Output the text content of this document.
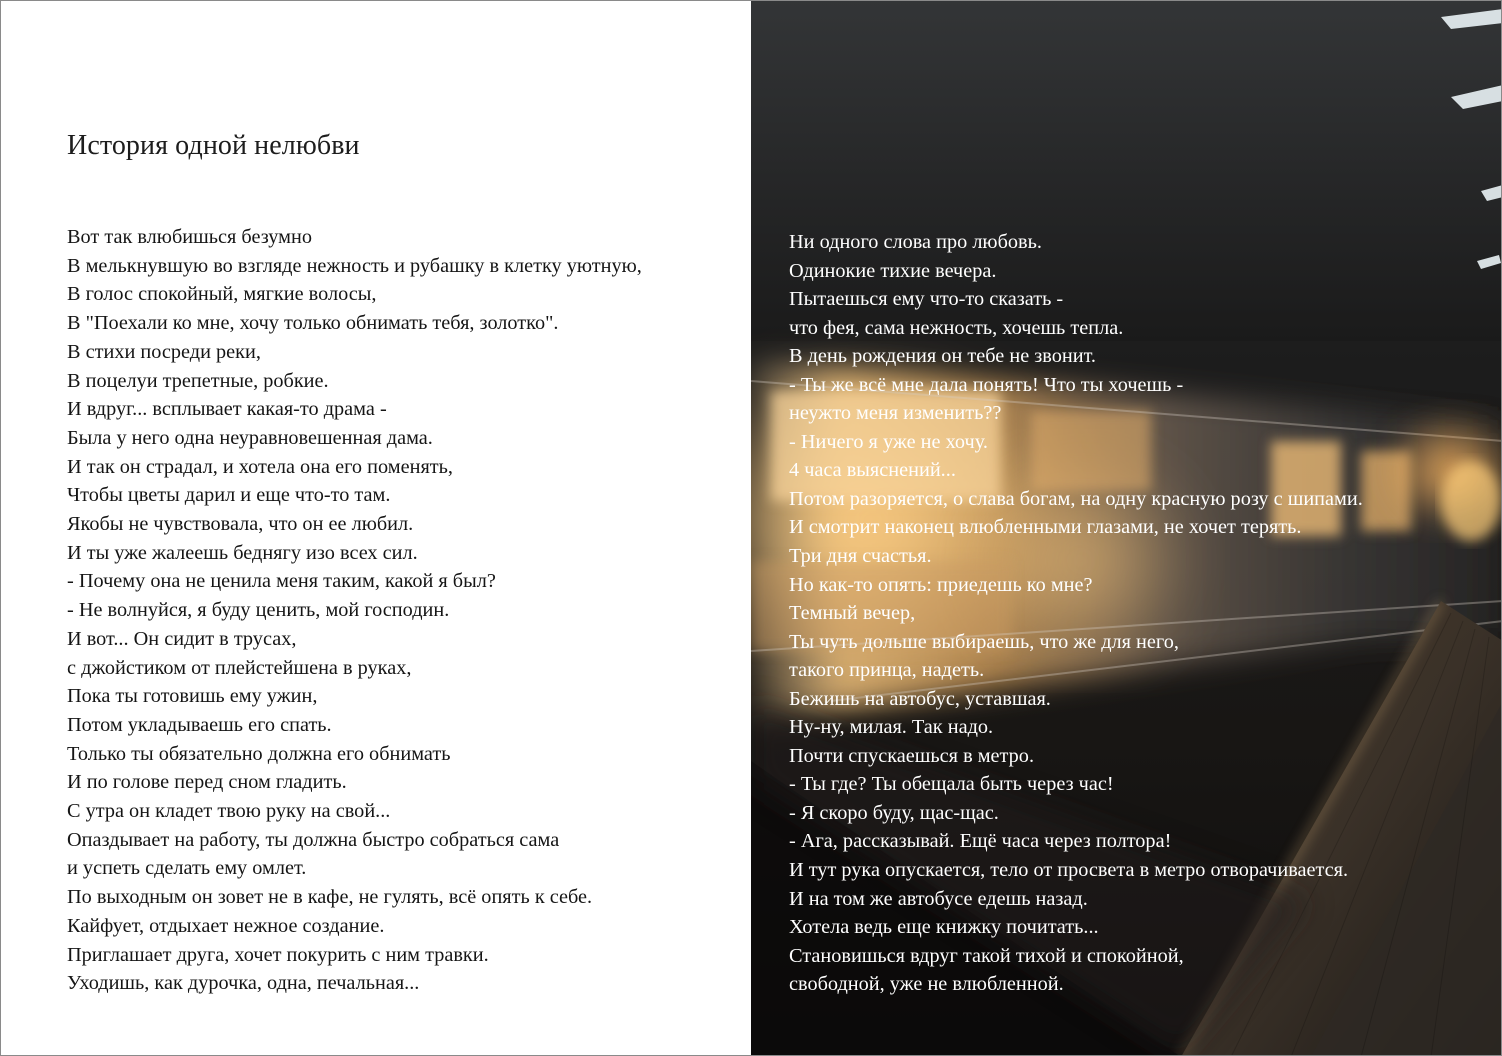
История одной нелюбви
Вот так влюбишься безумно
В мелькнувшую во взгляде нежность и рубашку в клетку уютную,
В голос спокойный, мягкие волосы,
В "Поехали ко мне, хочу только обнимать тебя, золотко".
В стихи посреди реки,
В поцелуи трепетные, робкие.
И вдруг... всплывает какая-то драма -
Была у него одна неуравновешенная дама.
И так он страдал, и хотела она его поменять,
Чтобы цветы дарил и еще что-то там.
Якобы не чувствовала, что он ее любил.
И ты уже жалеешь беднягу изо всех сил.
- Почему она не ценила меня таким, какой я был?
- Не волнуйся, я буду ценить, мой господин.
И вот... Он сидит в трусах,
с джойстиком от плейстейшена в руках,
Пока ты готовишь ему ужин,
Потом укладываешь его спать.
Только ты обязательно должна его обнимать
И по голове перед сном гладить.
С утра он кладет твою руку на свой...
Опаздывает на работу, ты должна быстро собраться сама
и успеть сделать ему омлет.
По выходным он зовет не в кафе, не гулять, всё опять к себе.
Кайфует, отдыхает нежное создание.
Приглашает друга, хочет покурить с ним травки.
Уходишь, как дурочка, одна, печальная...
Ни одного слова про любовь.
Одинокие тихие вечера.
Пытаешься ему что-то сказать -
что фея, сама нежность, хочешь тепла.
В день рождения он тебе не звонит.
- Ты же всё мне дала понять! Что ты хочешь -
неужто меня изменить??
- Ничего я уже не хочу.
4 часа выяснений...
Потом разоряется, о слава богам, на одну красную розу с шипами.
И смотрит наконец влюбленными глазами, не хочет терять.
Три дня счастья.
Но как-то опять: приедешь ко мне?
Темный вечер,
Ты чуть дольше выбираешь, что же для него,
такого принца, надеть.
Бежишь на автобус, уставшая.
Ну-ну, милая. Так надо.
Почти спускаешься в метро.
- Ты где? Ты обещала быть через час!
- Я скоро буду, щас-щас.
- Ага, рассказывай. Ещё часа через полтора!
И тут рука опускается, тело от просвета в метро отворачивается.
И на том же автобусе едешь назад.
Хотела ведь еще книжку почитать...
Становишься вдруг такой тихой и спокойной,
свободной, уже не влюбленной.
